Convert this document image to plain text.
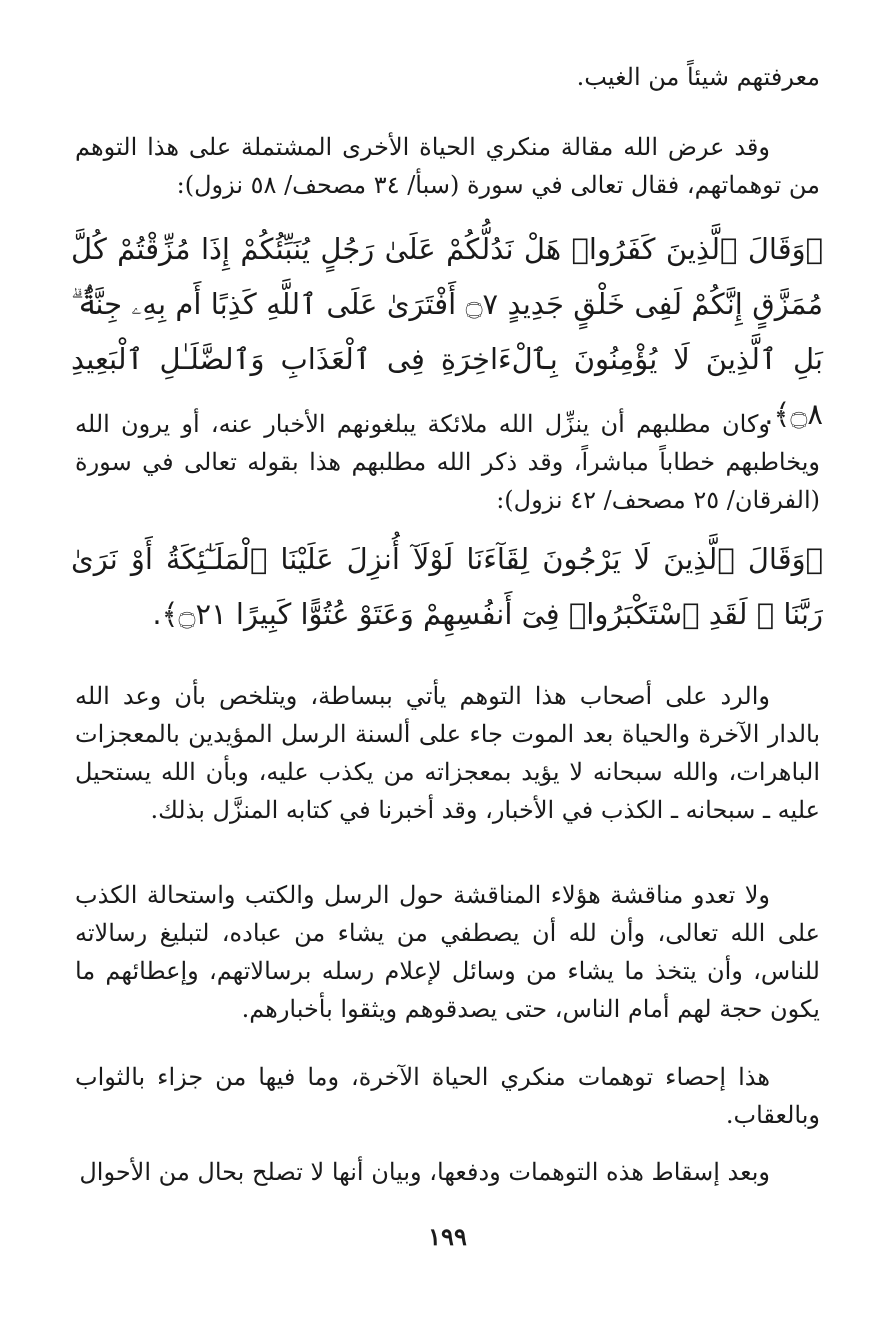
معرفتهم شيئاً من الغيب.

وقد عرض الله مقالة منكري الحياة الأخرى المشتملة على هذا التوهم من توهماتهم، فقال تعالى في سورة (سبأ/ ٣٤ مصحف/ ٥٨ نزول):

﴿وَقَالَ ٱلَّذِينَ كَفَرُوا۟ هَلْ نَدُلُّكُمْ عَلَىٰ رَجُلٍ يُنَبِّئُكُمْ إِذَا مُزِّقْتُمْ كُلَّ مُمَزَّقٍ إِنَّكُمْ لَفِى خَلْقٍ جَدِيدٍ ۝٧ أَفْتَرَىٰ عَلَى ٱللَّهِ كَذِبًا أَم بِهِۦ جِنَّةٌۢ ۗ بَلِ ٱلَّذِينَ لَا يُؤْمِنُونَ بِٱلْءَاخِرَةِ فِى ٱلْعَذَابِ وَٱلضَّلَـٰلِ ٱلْبَعِيدِ ۝٨﴾.

وكان مطلبهم أن ينزِّل الله ملائكة يبلغونهم الأخبار عنه، أو يرون الله ويخاطبهم خطاباً مباشراً، وقد ذكر الله مطلبهم هذا بقوله تعالى في سورة (الفرقان/ ٢٥ مصحف/ ٤٢ نزول):

﴿وَقَالَ ٱلَّذِينَ لَا يَرْجُونَ لِقَآءَنَا لَوْلَآ أُنزِلَ عَلَيْنَا ٱلْمَلَـٰٓئِكَةُ أَوْ نَرَىٰ رَبَّنَا ۗ لَقَدِ ٱسْتَكْبَرُوا۟ فِىٓ أَنفُسِهِمْ وَعَتَوْ عُتُوًّا كَبِيرًا ۝٢١﴾.

والرد على أصحاب هذا التوهم يأتي ببساطة، ويتلخص بأن وعد الله بالدار الآخرة والحياة بعد الموت جاء على ألسنة الرسل المؤيدين بالمعجزات الباهرات، والله سبحانه لا يؤيد بمعجزاته من يكذب عليه، وبأن الله يستحيل عليه ـ سبحانه ـ الكذب في الأخبار، وقد أخبرنا في كتابه المنزَّل بذلك.

ولا تعدو مناقشة هؤلاء المناقشة حول الرسل والكتب واستحالة الكذب على الله تعالى، وأن لله أن يصطفي من يشاء من عباده، لتبليغ رسالاته للناس، وأن يتخذ ما يشاء من وسائل لإعلام رسله برسالاتهم، وإعطائهم ما يكون حجة لهم أمام الناس، حتى يصدقوهم ويثقوا بأخبارهم.

هذا إحصاء توهمات منكري الحياة الآخرة، وما فيها من جزاء بالثواب وبالعقاب.

وبعد إسقاط هذه التوهمات ودفعها، وبيان أنها لا تصلح بحال من الأحوال

١٩٩
